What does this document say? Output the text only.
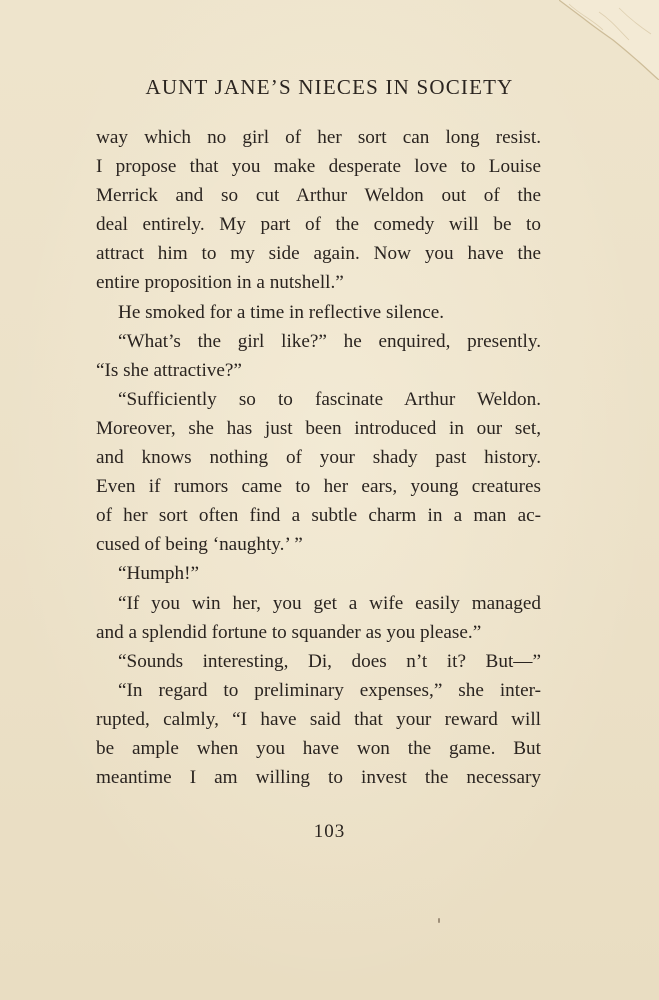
AUNT JANE’S NIECES IN SOCIETY
way which no girl of her sort can long resist.
I propose that you make desperate love to Louise
Merrick and so cut Arthur Weldon out of the
deal entirely. My part of the comedy will be to
attract him to my side again. Now you have the
entire proposition in a nutshell.”
He smoked for a time in reflective silence.
“What’s the girl like?” he enquired, presently.
“Is she attractive?”
“Sufficiently so to fascinate Arthur Weldon.
Moreover, she has just been introduced in our set,
and knows nothing of your shady past history.
Even if rumors came to her ears, young creatures
of her sort often find a subtle charm in a man ac-
cused of being ‘naughty.’ ”
“Humph!”
“If you win her, you get a wife easily managed
and a splendid fortune to squander as you please.”
“Sounds interesting, Di, does n’t it? But—”
“In regard to preliminary expenses,” she inter-
rupted, calmly, “I have said that your reward will
be ample when you have won the game. But
meantime I am willing to invest the necessary
103
